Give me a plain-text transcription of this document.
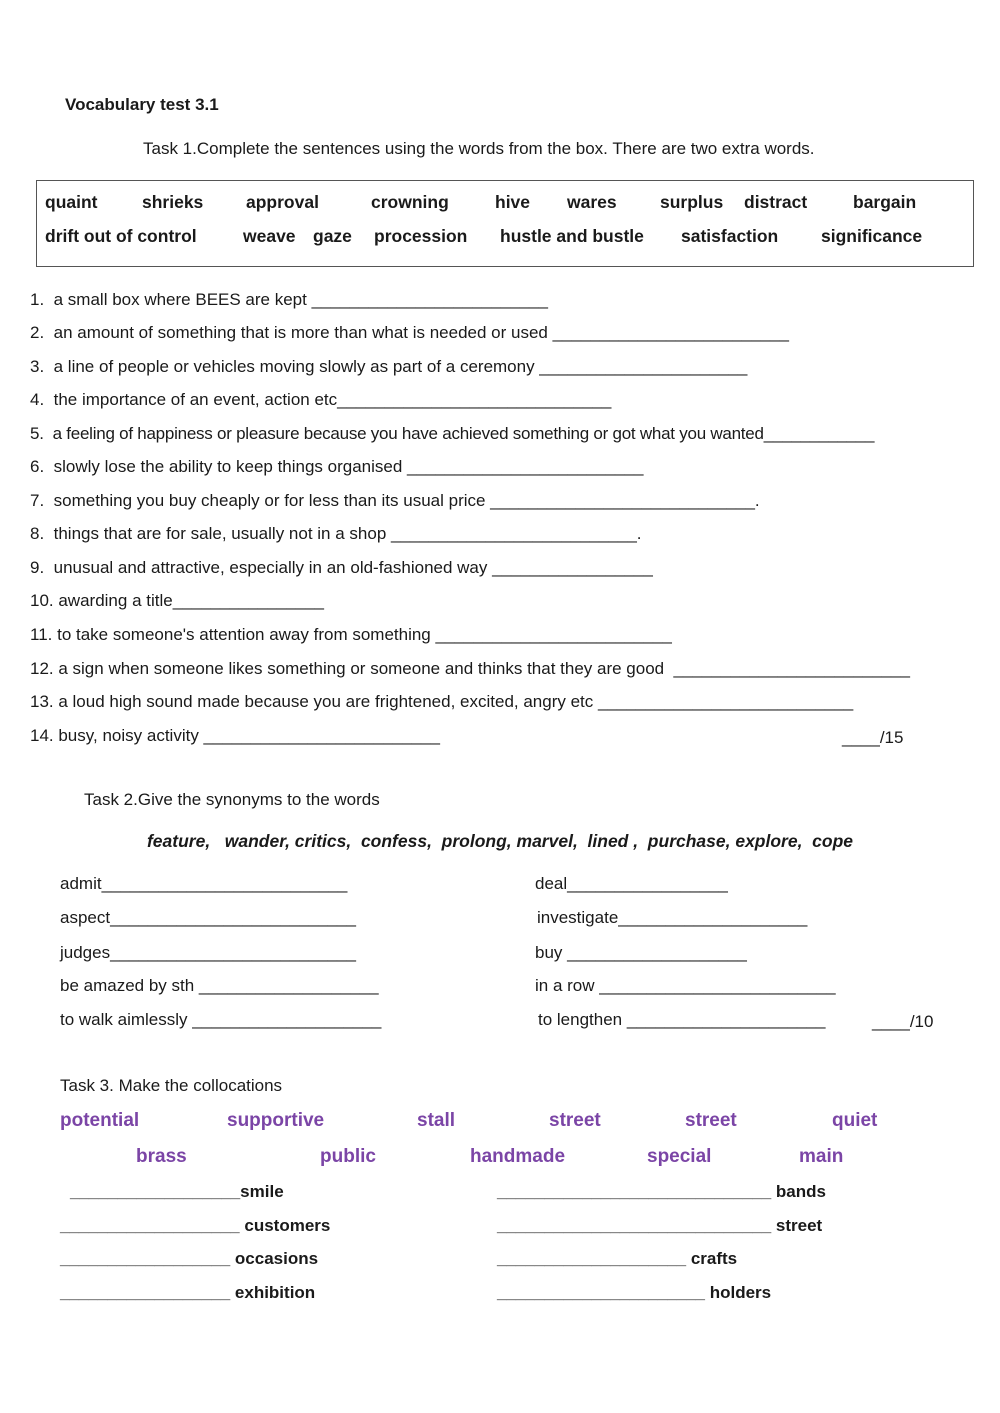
Vocabulary test 3.1
Task 1.Complete the sentences using the words from the box. There are two extra words.
quaint	shrieks approval	crowning	hive wares surplus distract	bargain
drift out of control	weave gaze procession hustle and bustle satisfaction significance
1.  a small box where BEES are kept _________________________
2.  an amount of something that is more than what is needed or used _________________________
3.  a line of people or vehicles moving slowly as part of a ceremony ______________________
4.  the importance of an event, action etc_____________________________
5.  a feeling of happiness or pleasure because you have achieved something or got what you wanted____________
6.  slowly lose the ability to keep things organised _________________________
7.  something you buy cheaply or for less than its usual price ____________________________.
8.  things that are for sale, usually not in a shop __________________________.
9.  unusual and attractive, especially in an old-fashioned way _________________
10. awarding a title________________
11. to take someone's attention away from something _________________________
12. a sign when someone likes something or someone and thinks that they are good  _________________________
13. a loud high sound made because you are frightened, excited, angry etc ___________________________
14. busy, noisy activity _________________________	____/15
Task 2.Give the synonyms to the words
feature,   wander, critics,  confess,  prolong, marvel,  lined ,  purchase, explore,  cope
admit__________________________
aspect__________________________
judges__________________________
be amazed by sth ___________________
to walk aimlessly ____________________
deal_________________
investigate____________________
buy ___________________
in a row _________________________
to lengthen _____________________	____/10
Task 3. Make the collocations
potential	supportive	stall	street	street	quiet
brass	public	handmade	special	main
__________________smile
___________________ customers
__________________ occasions
__________________ exhibition
_____________________________ bands
_____________________________ street
____________________ crafts
______________________ holders
